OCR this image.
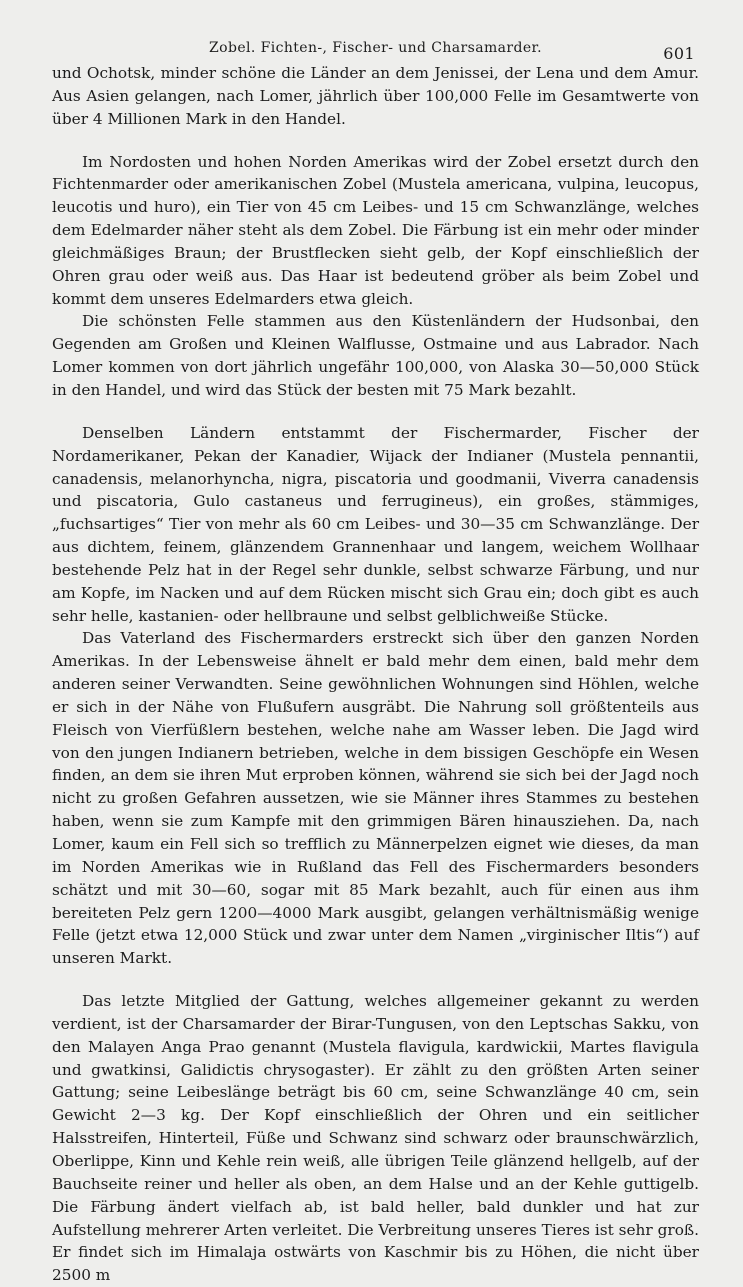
Zobel. Fichten-, Fischer- und Charsamarder.	601

und Ochotsk, minder schöne die Länder an dem Jenissei, der Lena und dem Amur. Aus Asien gelangen, nach Lomer, jährlich über 100,000 Felle im Gesamtwerte von über 4 Millionen Mark in den Handel.

Im Nordosten und hohen Norden Amerikas wird der Zobel ersetzt durch den Fichtenmarder oder amerikanischen Zobel (Mustela americana, vulpina, leucopus, leucotis und huro), ein Tier von 45 cm Leibes- und 15 cm Schwanzlänge, welches dem Edelmarder näher steht als dem Zobel. Die Färbung ist ein mehr oder minder gleichmäßiges Braun; der Brustflecken sieht gelb, der Kopf einschließlich der Ohren grau oder weiß aus. Das Haar ist bedeutend gröber als beim Zobel und kommt dem unseres Edelmarders etwa gleich.

Die schönsten Felle stammen aus den Küstenländern der Hudsonbai, den Gegenden am Großen und Kleinen Walflusse, Ostmaine und aus Labrador. Nach Lomer kommen von dort jährlich ungefähr 100,000, von Alaska 30—50,000 Stück in den Handel, und wird das Stück der besten mit 75 Mark bezahlt.

Denselben Ländern entstammt der Fischermarder, Fischer der Nordamerikaner, Pekan der Kanadier, Wijack der Indianer (Mustela pennantii, canadensis, melanorhyncha, nigra, piscatoria und goodmanii, Viverra canadensis und piscatoria, Gulo castaneus und ferrugineus), ein großes, stämmiges, „fuchsartiges“ Tier von mehr als 60 cm Leibes- und 30—35 cm Schwanzlänge. Der aus dichtem, feinem, glänzendem Grannenhaar und langem, weichem Wollhaar bestehende Pelz hat in der Regel sehr dunkle, selbst schwarze Färbung, und nur am Kopfe, im Nacken und auf dem Rücken mischt sich Grau ein; doch gibt es auch sehr helle, kastanien- oder hellbraune und selbst gelblichweiße Stücke.

Das Vaterland des Fischermarders erstreckt sich über den ganzen Norden Amerikas. In der Lebensweise ähnelt er bald mehr dem einen, bald mehr dem anderen seiner Verwandten. Seine gewöhnlichen Wohnungen sind Höhlen, welche er sich in der Nähe von Flußufern ausgräbt. Die Nahrung soll größtenteils aus Fleisch von Vierfüßlern bestehen, welche nahe am Wasser leben. Die Jagd wird von den jungen Indianern betrieben, welche in dem bissigen Geschöpfe ein Wesen finden, an dem sie ihren Mut erproben können, während sie sich bei der Jagd noch nicht zu großen Gefahren aussetzen, wie sie Männer ihres Stammes zu bestehen haben, wenn sie zum Kampfe mit den grimmigen Bären hinausziehen. Da, nach Lomer, kaum ein Fell sich so trefflich zu Männerpelzen eignet wie dieses, da man im Norden Amerikas wie in Rußland das Fell des Fischermarders besonders schätzt und mit 30—60, sogar mit 85 Mark bezahlt, auch für einen aus ihm bereiteten Pelz gern 1200—4000 Mark ausgibt, gelangen verhältnismäßig wenige Felle (jetzt etwa 12,000 Stück und zwar unter dem Namen „virginischer Iltis“) auf unseren Markt.

Das letzte Mitglied der Gattung, welches allgemeiner gekannt zu werden verdient, ist der Charsamarder der Birar-Tungusen, von den Leptschas Sakku, von den Malayen Anga Prao genannt (Mustela flavigula, kardwickii, Martes flavigula und gwatkinsi, Galidictis chrysogaster). Er zählt zu den größten Arten seiner Gattung; seine Leibeslänge beträgt bis 60 cm, seine Schwanzlänge 40 cm, sein Gewicht 2—3 kg. Der Kopf einschließlich der Ohren und ein seitlicher Halsstreifen, Hinterteil, Füße und Schwanz sind schwarz oder braunschwärzlich, Oberlippe, Kinn und Kehle rein weiß, alle übrigen Teile glänzend hellgelb, auf der Bauchseite reiner und heller als oben, an dem Halse und an der Kehle guttigelb. Die Färbung ändert vielfach ab, ist bald heller, bald dunkler und hat zur Aufstellung mehrerer Arten verleitet. Die Verbreitung unseres Tieres ist sehr groß. Er findet sich im Himalaja ostwärts von Kaschmir bis zu Höhen, die nicht über 2500 m
